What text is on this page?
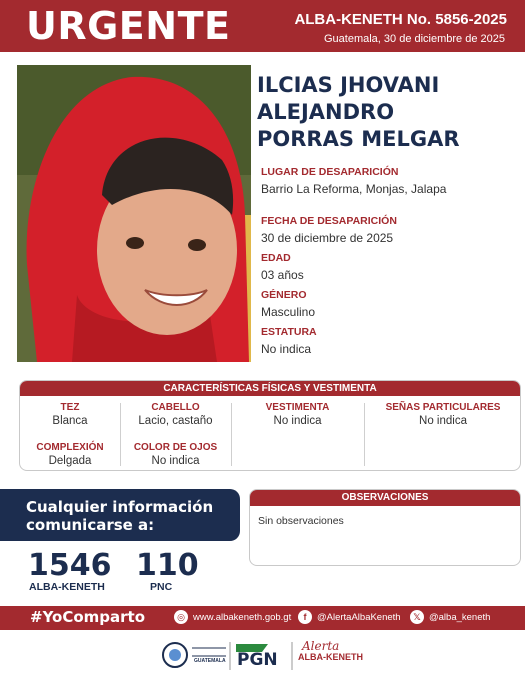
URGENTE	ALBA-KENETH No. 5856-2025
Guatemala, 30 de diciembre de 2025
ILCIAS JHOVANI
ALEJANDRO
PORRAS MELGAR
LUGAR DE DESAPARICIÓN
Barrio La Reforma, Monjas, Jalapa
FECHA DE DESAPARICIÓN
30 de diciembre de 2025
EDAD
03 años
GÉNERO
Masculino
ESTATURA
No indica
CARACTERÍSTICAS FÍSICAS Y VESTIMENTA
TEZ
Blanca
CABELLO
Lacio, castaño
VESTIMENTA
No indica
SEÑAS PARTICULARES
No indica
COMPLEXIÓN
Delgada
COLOR DE OJOS
No indica
Cualquier información
comunicarse a:
1546
ALBA-KENETH
110
PNC
OBSERVACIONES
Sin observaciones
#YoComparto	◎ www.albakeneth.gob.gt	f	@AlertaAlbaKeneth	𝕏 @alba_keneth
GUATEMALA PGN
Alerta
ALBA-KENETH
